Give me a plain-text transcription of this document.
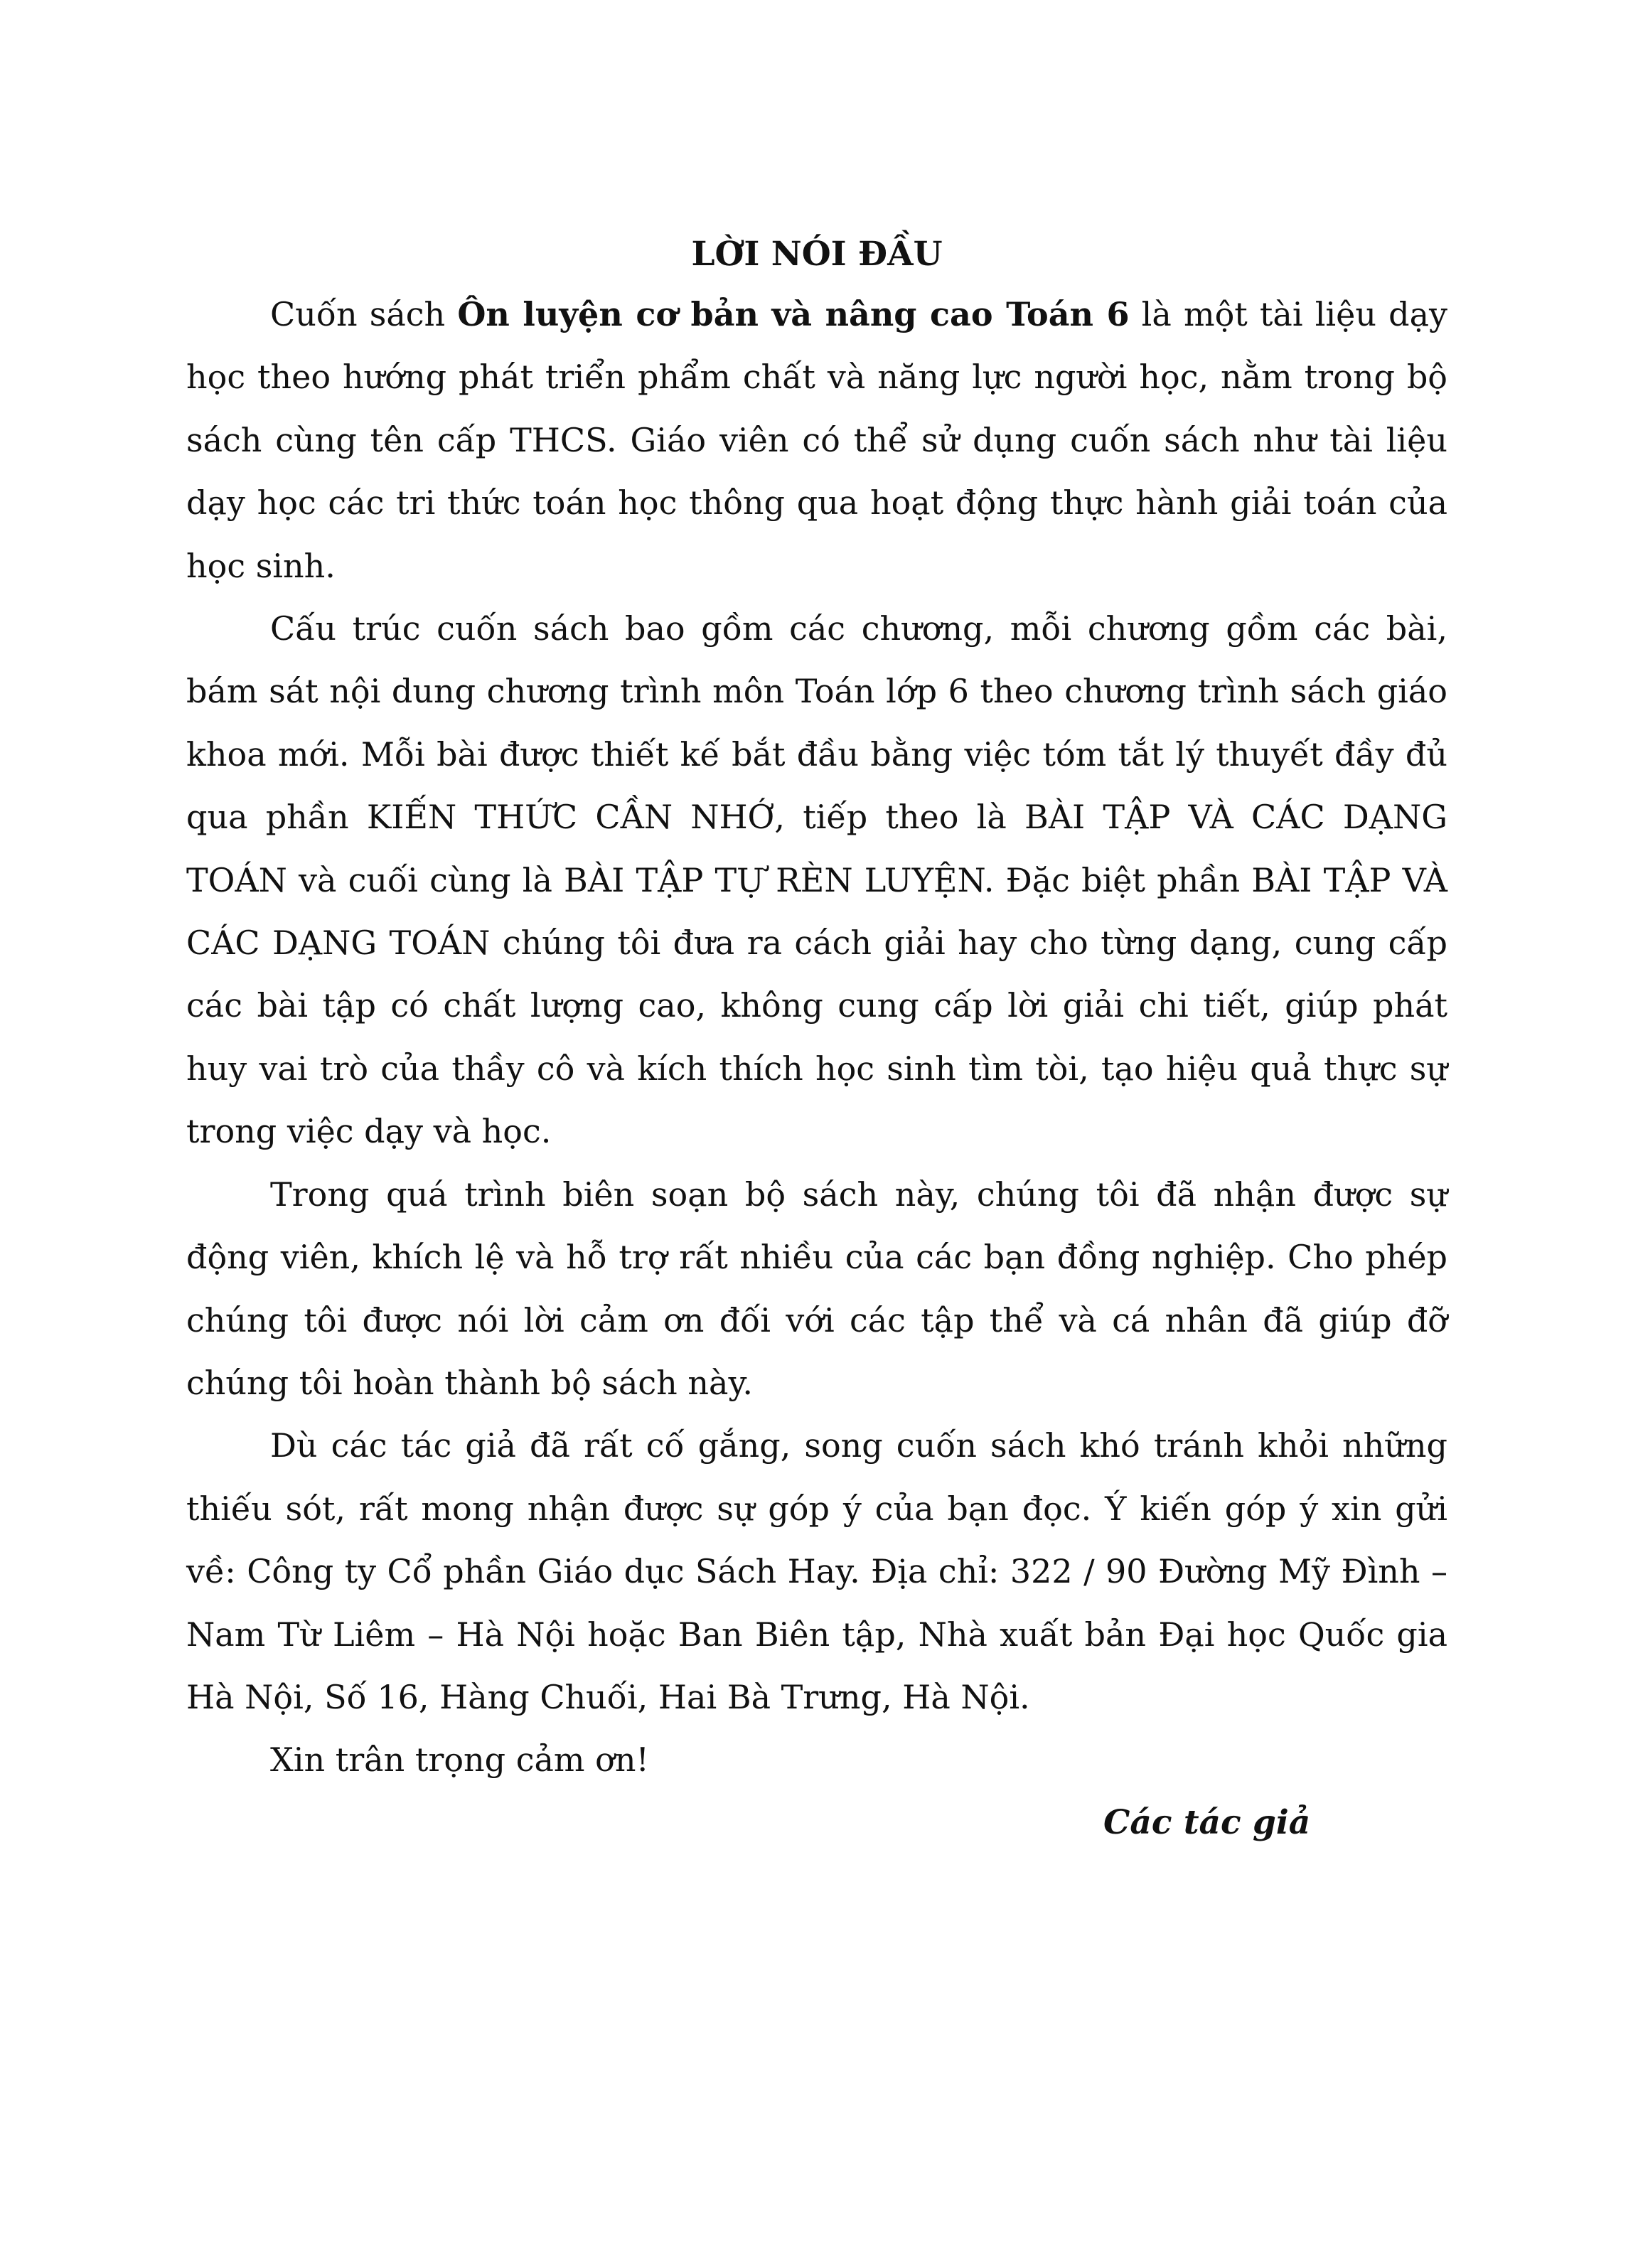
LỜI NÓI ĐẦU

Cuốn sách Ôn luyện cơ bản và nâng cao Toán 6 là một tài liệu dạy học theo hướng phát triển phẩm chất và năng lực người học, nằm trong bộ sách cùng tên cấp THCS. Giáo viên có thể sử dụng cuốn sách như tài liệu dạy học các tri thức toán học thông qua hoạt động thực hành giải toán của học sinh.

Cấu trúc cuốn sách bao gồm các chương, mỗi chương gồm các bài, bám sát nội dung chương trình môn Toán lớp 6 theo chương trình sách giáo khoa mới. Mỗi bài được thiết kế bắt đầu bằng việc tóm tắt lý thuyết đầy đủ qua phần KIẾN THỨC CẦN NHỚ, tiếp theo là BÀI TẬP VÀ CÁC DẠNG TOÁN và cuối cùng là BÀI TẬP TỰ RÈN LUYỆN. Đặc biệt phần BÀI TẬP VÀ CÁC DẠNG TOÁN chúng tôi đưa ra cách giải hay cho từng dạng, cung cấp các bài tập có chất lượng cao, không cung cấp lời giải chi tiết, giúp phát huy vai trò của thầy cô và kích thích học sinh tìm tòi, tạo hiệu quả thực sự trong việc dạy và học.

Trong quá trình biên soạn bộ sách này, chúng tôi đã nhận được sự động viên, khích lệ và hỗ trợ rất nhiều của các bạn đồng nghiệp. Cho phép chúng tôi được nói lời cảm ơn đối với các tập thể và cá nhân đã giúp đỡ chúng tôi hoàn thành bộ sách này.

Dù các tác giả đã rất cố gắng, song cuốn sách khó tránh khỏi những thiếu sót, rất mong nhận được sự góp ý của bạn đọc. Ý kiến góp ý xin gửi về: Công ty Cổ phần Giáo dục Sách Hay. Địa chỉ: 322 / 90 Đường Mỹ Đình – Nam Từ Liêm – Hà Nội hoặc Ban Biên tập, Nhà xuất bản Đại học Quốc gia Hà Nội, Số 16, Hàng Chuối, Hai Bà Trưng, Hà Nội.

Xin trân trọng cảm ơn!

Các tác giả
